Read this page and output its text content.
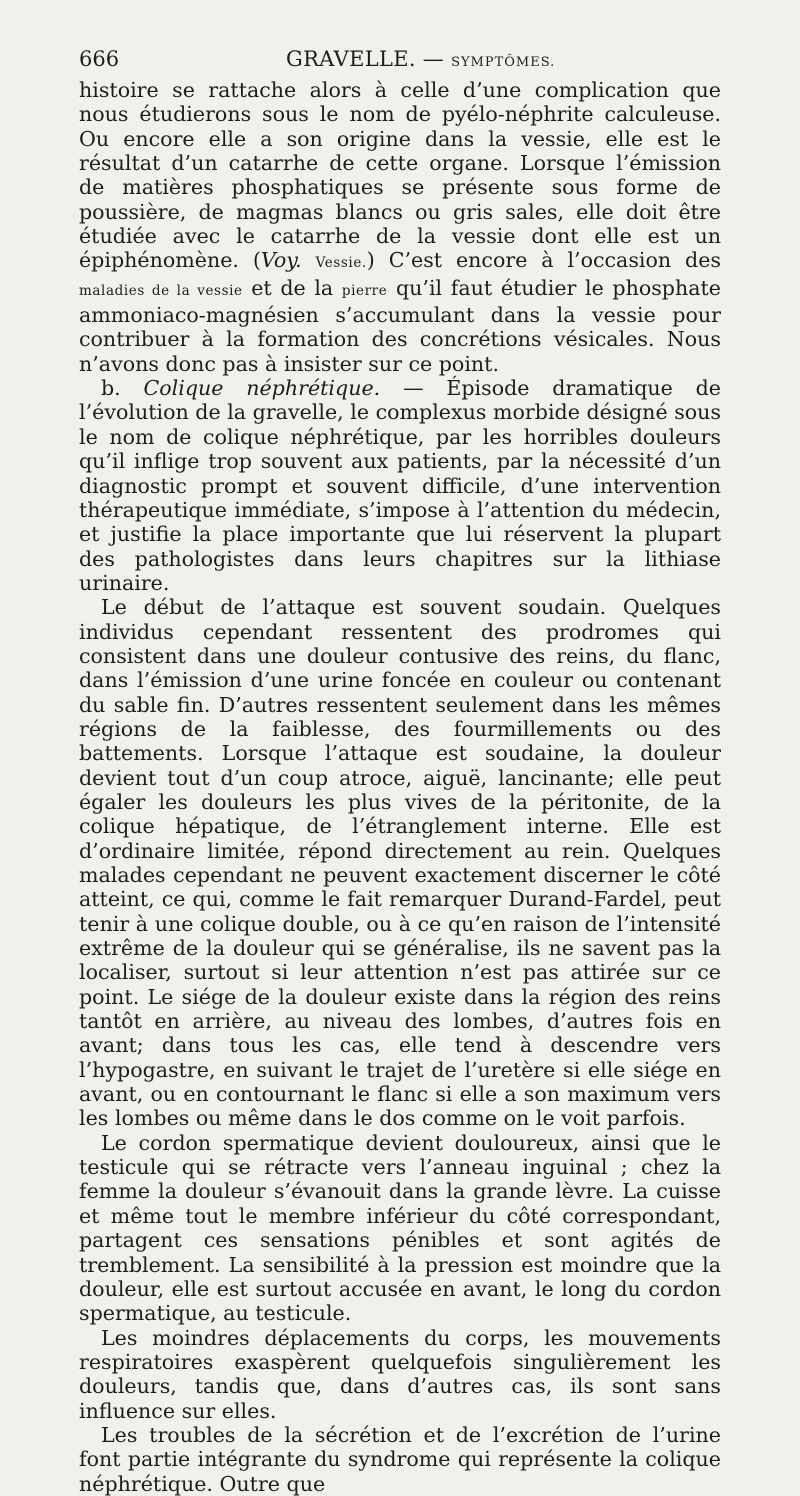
666	GRAVELLE. — SYMPTÔMES.

histoire se rattache alors à celle d’une complication que nous étudierons sous le nom de pyélo-néphrite calculeuse. Ou encore elle a son origine dans la vessie, elle est le résultat d’un catarrhe de cette organe. Lorsque l’émission de matières phosphatiques se présente sous forme de poussière, de magmas blancs ou gris sales, elle doit être étudiée avec le catarrhe de la vessie dont elle est un épiphénomène. (Voy. Vessie.) C’est encore à l’occasion des maladies de la vessie et de la pierre qu’il faut étudier le phosphate ammoniaco-magnésien s’accumulant dans la vessie pour contribuer à la formation des concrétions vésicales. Nous n’avons donc pas à insister sur ce point.

b. Colique néphrétique. — Épisode dramatique de l’évolution de la gravelle, le complexus morbide désigné sous le nom de colique néphrétique, par les horribles douleurs qu’il inflige trop souvent aux patients, par la nécessité d’un diagnostic prompt et souvent difficile, d’une intervention thérapeutique immédiate, s’impose à l’attention du médecin, et justifie la place importante que lui réservent la plupart des pathologistes dans leurs chapitres sur la lithiase urinaire.

Le début de l’attaque est souvent soudain. Quelques individus cependant ressentent des prodromes qui consistent dans une douleur contusive des reins, du flanc, dans l’émission d’une urine foncée en couleur ou contenant du sable fin. D’autres ressentent seulement dans les mêmes régions de la faiblesse, des fourmillements ou des battements. Lorsque l’attaque est soudaine, la douleur devient tout d’un coup atroce, aiguë, lancinante; elle peut égaler les douleurs les plus vives de la péritonite, de la colique hépatique, de l’étranglement interne. Elle est d’ordinaire limitée, répond directement au rein. Quelques malades cependant ne peuvent exactement discerner le côté atteint, ce qui, comme le fait remarquer Durand-Fardel, peut tenir à une colique double, ou à ce qu’en raison de l’intensité extrême de la douleur qui se généralise, ils ne savent pas la localiser, surtout si leur attention n’est pas attirée sur ce point. Le siége de la douleur existe dans la région des reins tantôt en arrière, au niveau des lombes, d’autres fois en avant; dans tous les cas, elle tend à descendre vers l’hypogastre, en suivant le trajet de l’uretère si elle siége en avant, ou en contournant le flanc si elle a son maximum vers les lombes ou même dans le dos comme on le voit parfois.

Le cordon spermatique devient douloureux, ainsi que le testicule qui se rétracte vers l’anneau inguinal ; chez la femme la douleur s’évanouit dans la grande lèvre. La cuisse et même tout le membre inférieur du côté correspondant, partagent ces sensations pénibles et sont agités de tremblement. La sensibilité à la pression est moindre que la douleur, elle est surtout accusée en avant, le long du cordon spermatique, au testicule.

Les moindres déplacements du corps, les mouvements respiratoires exaspèrent quelquefois singulièrement les douleurs, tandis que, dans d’autres cas, ils sont sans influence sur elles.

Les troubles de la sécrétion et de l’excrétion de l’urine font partie intégrante du syndrome qui représente la colique néphrétique. Outre que
